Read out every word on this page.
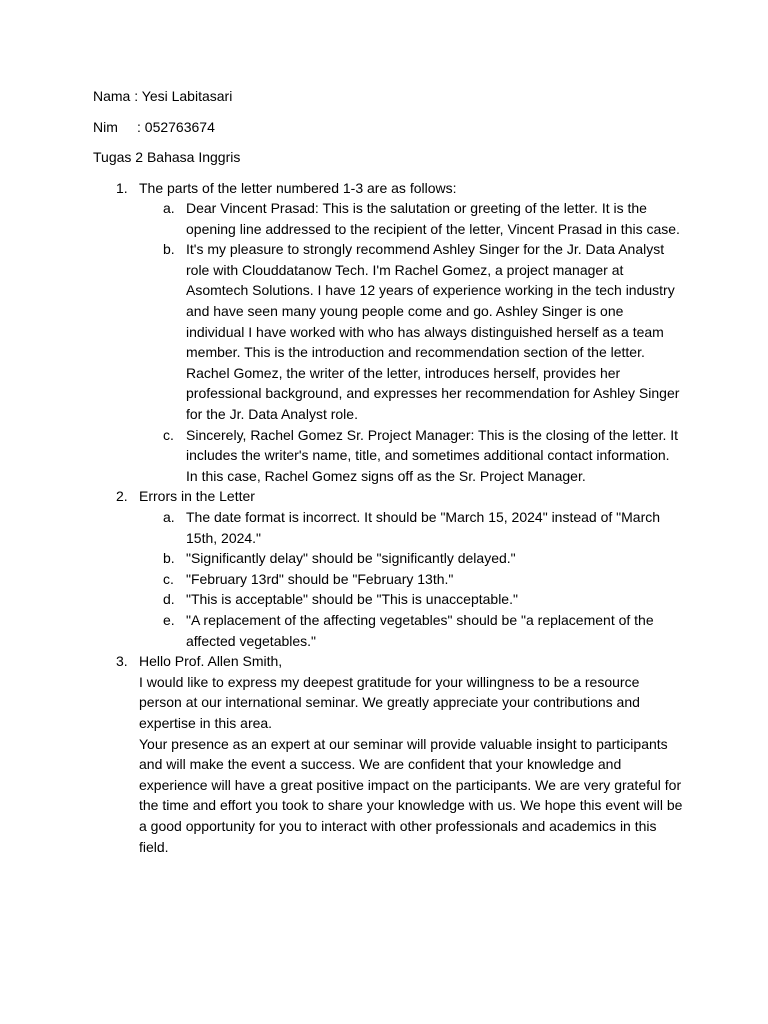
Nama : Yesi Labitasari
Nim : 052763674
Tugas 2 Bahasa Inggris
1. The parts of the letter numbered 1-3 are as follows:
a. Dear Vincent Prasad: This is the salutation or greeting of the letter. It is the opening line addressed to the recipient of the letter, Vincent Prasad in this case.
b. It's my pleasure to strongly recommend Ashley Singer for the Jr. Data Analyst role with Clouddatanow Tech. I'm Rachel Gomez, a project manager at Asomtech Solutions. I have 12 years of experience working in the tech industry and have seen many young people come and go. Ashley Singer is one individual I have worked with who has always distinguished herself as a team member. This is the introduction and recommendation section of the letter. Rachel Gomez, the writer of the letter, introduces herself, provides her professional background, and expresses her recommendation for Ashley Singer for the Jr. Data Analyst role.
c. Sincerely, Rachel Gomez Sr. Project Manager: This is the closing of the letter. It includes the writer's name, title, and sometimes additional contact information. In this case, Rachel Gomez signs off as the Sr. Project Manager.
2. Errors in the Letter
a. The date format is incorrect. It should be "March 15, 2024" instead of "March 15th, 2024."
b. "Significantly delay" should be "significantly delayed."
c. "February 13rd" should be "February 13th."
d. "This is acceptable" should be "This is unacceptable."
e. "A replacement of the affecting vegetables" should be "a replacement of the affected vegetables."
3. Hello Prof. Allen Smith,

I would like to express my deepest gratitude for your willingness to be a resource person at our international seminar. We greatly appreciate your contributions and expertise in this area.

Your presence as an expert at our seminar will provide valuable insight to participants and will make the event a success. We are confident that your knowledge and experience will have a great positive impact on the participants. We are very grateful for the time and effort you took to share your knowledge with us. We hope this event will be a good opportunity for you to interact with other professionals and academics in this field.
